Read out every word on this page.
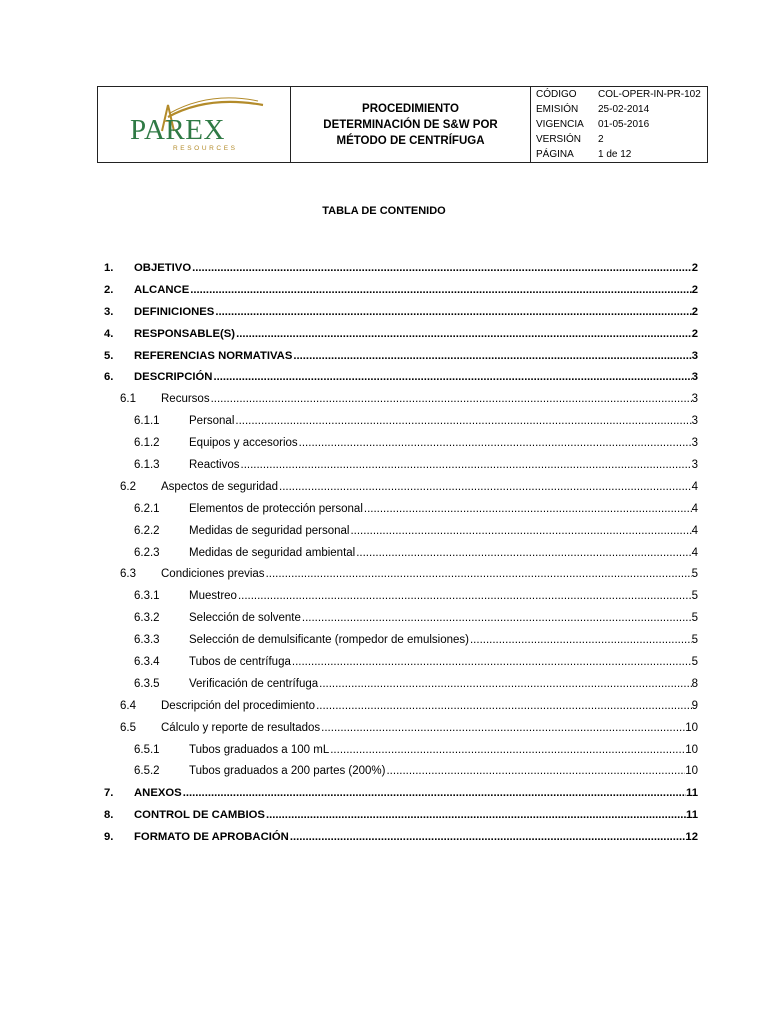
PAREX
RESOURCES
PROCEDIMIENTO
DETERMINACIÓN DE S&W POR
MÉTODO DE CENTRÍFUGA
CÓDIGO	COL-OPER-IN-PR-102
EMISIÓN	25-02-2014
VIGENCIA	01-05-2016
VERSIÓN	2
PÁGINA	1 de 12
TABLA DE CONTENIDO
1.	OBJETIVO .....	2
2.	ALCANCE .....	2
3.	DEFINICIONES .....	2
4.	RESPONSABLE(S) .....	2
5.	REFERENCIAS NORMATIVAS .....	3
6.	DESCRIPCIÓN .....	3
6.1	Recursos .....	3
6.1.1	Personal .....	3
6.1.2	Equipos y accesorios .....	3
6.1.3	Reactivos .....	3
6.2	Aspectos de seguridad .....	4
6.2.1	Elementos de protección personal .....	4
6.2.2	Medidas de seguridad personal .....	4
6.2.3	Medidas de seguridad ambiental .....	4
6.3	Condiciones previas .....	5
6.3.1	Muestreo .....	5
6.3.2	Selección de solvente .....	5
6.3.3	Selección de demulsificante (rompedor de emulsiones) .....	5
6.3.4	Tubos de centrífuga .....	5
6.3.5	Verificación de centrífuga .....	8
6.4	Descripción del procedimiento .....	9
6.5	Cálculo y reporte de resultados .....	10
6.5.1	Tubos graduados a 100 mL .....	10
6.5.2	Tubos graduados a 200 partes (200%) .....	10
7.	ANEXOS .....	11
8.	CONTROL DE CAMBIOS .....	11
9.	FORMATO DE APROBACIÓN .....	12
